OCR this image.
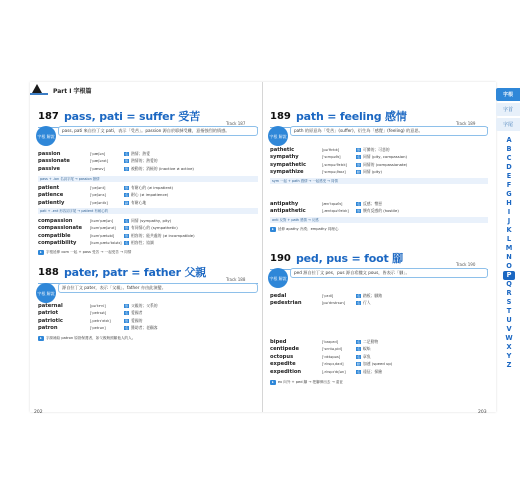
Part I 字根篇
187 pass, pati = suffer 受苦
Track 187
字根 解說
pass, pati 來自拉丁文 pati，表示「受苦」。passion 源自於耶穌受難，意指強烈的情感。
passion	[ˈpæʃən]	名 熱情；熱愛
passionate	[ˈpæʃənɪt]	形 熱情的；熱愛的
passive	[ˈpæsɪv]	形 被動的；消極的 (inactive ≠ active)
pass + -ion 名詞字尾 → passion 熱情
patient	[ˈpeʃənt]	形 有耐心的 (≠ impatient)
patience	[ˈpeʃəns]	名 耐心 (≠ impatience)
patiently	[ˈpeʃəntlɪ]	副 有耐心地
pati + -ent 形容詞字尾 → patient 有耐心的
compassion	[kəmˈpæʃən]	名 同情 (sympathy, pity)
compassionate	[kəmˈpæʃənɪt]	形 有同情心的 (sympathetic)
compatible	[kəmˈpætəbl]	形 相容的；能共處的 (≠ incompatible)
compatibility	[kəmˌpætəˈbɪlətɪ]	名 相容性；協調
▸ 字根延伸 com 一起 + pass 受苦 → 一起受苦 → 同情
188 pater, patr = father 父親
Track 188
字根 解說
源自拉丁文 pater，表示「父親」。father 亦由此演變。
paternal	[pəˈtɝnl]	形 父親的；父系的
patriot	[ˈpetrɪət]	名 愛國者
patriotic	[ˌpetrɪˈɑtɪk]	形 愛國的
patron	[ˈpetrən]	名 贊助者；老顧客
▸ 字源補給 patron 原指保護者，如父親般照顧他人的人。
189 path = feeling 感情
Track 189
字根 解說
path 的原意為「受苦」(suffer)，衍生為「感覺」(feeling) 的意思。
pathetic	[pəˈθɛtɪk]	形 可憐的；可悲的
sympathy	[ˈsɪmpəθɪ]	名 同情 (pity, compassion)
sympathetic	[ˌsɪmpəˈθɛtɪk]	形 同情的 (compassionate)
sympathize	[ˈsɪmpəˌθaɪz]	動 同情 (pity)
sym 一起 + path 感情 → 一起感受 → 同情
antipathy	[ænˈtɪpəθɪ]	名 反感；憎惡
antipathetic	[ˌæntɪpəˈθɛtɪk]	形 懷有反感的 (hostile)
anti 反對 + path 感情 → 反感
▸ 延伸 apathy 冷漠；empathy 同理心
190 ped, pus = foot 腳	Track 190
字根 解說
ped 源自拉丁文 pes，pus 源自希臘文 pous，皆表示「腳」。
pedal	[ˈpɛdl]	名 踏板；腳踏
pedestrian	[pəˈdɛstrɪən]	名 行人
biped	[ˈbaɪpɛd]	名 二足動物
centipede	[ˈsɛntəˌpid]	名 蜈蚣
octopus	[ˈɑktəpəs]	名 章魚
expedite	[ˈɛkspɪˌdaɪt]	動 加速 (speed up)
expedition	[ˌɛkspɪˈdɪʃən]	名 遠征；探險
▸ ex 向外 + ped 腳 → 把腳伸出去 → 遠征
202	203
字根
字首
字尾
A
B
C
D
E
F
G
H
I
J
K
L
M
N
O
P
Q
R
S
T
U
V
W
X
Y
Z
